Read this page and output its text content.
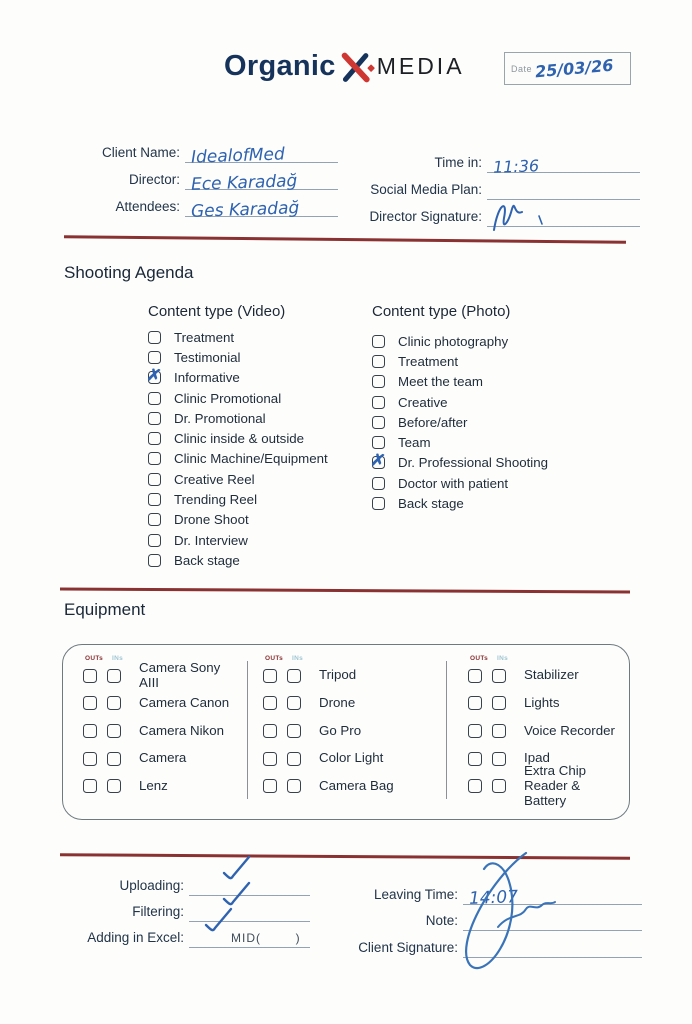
Organic MEDIA	Date 25/03/26
Client Name: IdealofMed
Director: Ece Karadağ
Attendees: Ges Karadağ
Time in: 11:36
Social Media Plan:
Director Signature:
Shooting Agenda
Content type (Video)	Content type (Photo)
Treatment
Testimonial
✗ Informative
Clinic Promotional
Dr. Promotional
Clinic inside & outside
Clinic Machine/Equipment
Creative Reel
Trending Reel
Drone Shoot
Dr. Interview
Back stage
Clinic photography
Treatment
Meet the team
Creative
Before/after
Team
✗ Dr. Professional Shooting
Doctor with patient
Back stage
Equipment
OUTs INs
Camera Sony AIII
Camera Canon
Camera Nikon
Camera
Lenz
OUTs INs
Tripod
Drone
Go Pro
Color Light
Camera Bag
OUTs INs
Stabilizer
Lights
Voice Recorder
Ipad
Extra Chip Reader & Battery
Uploading:
Filtering:
Adding in Excel:	MID(        )
Leaving Time: 14:07
Note:
Client Signature:
